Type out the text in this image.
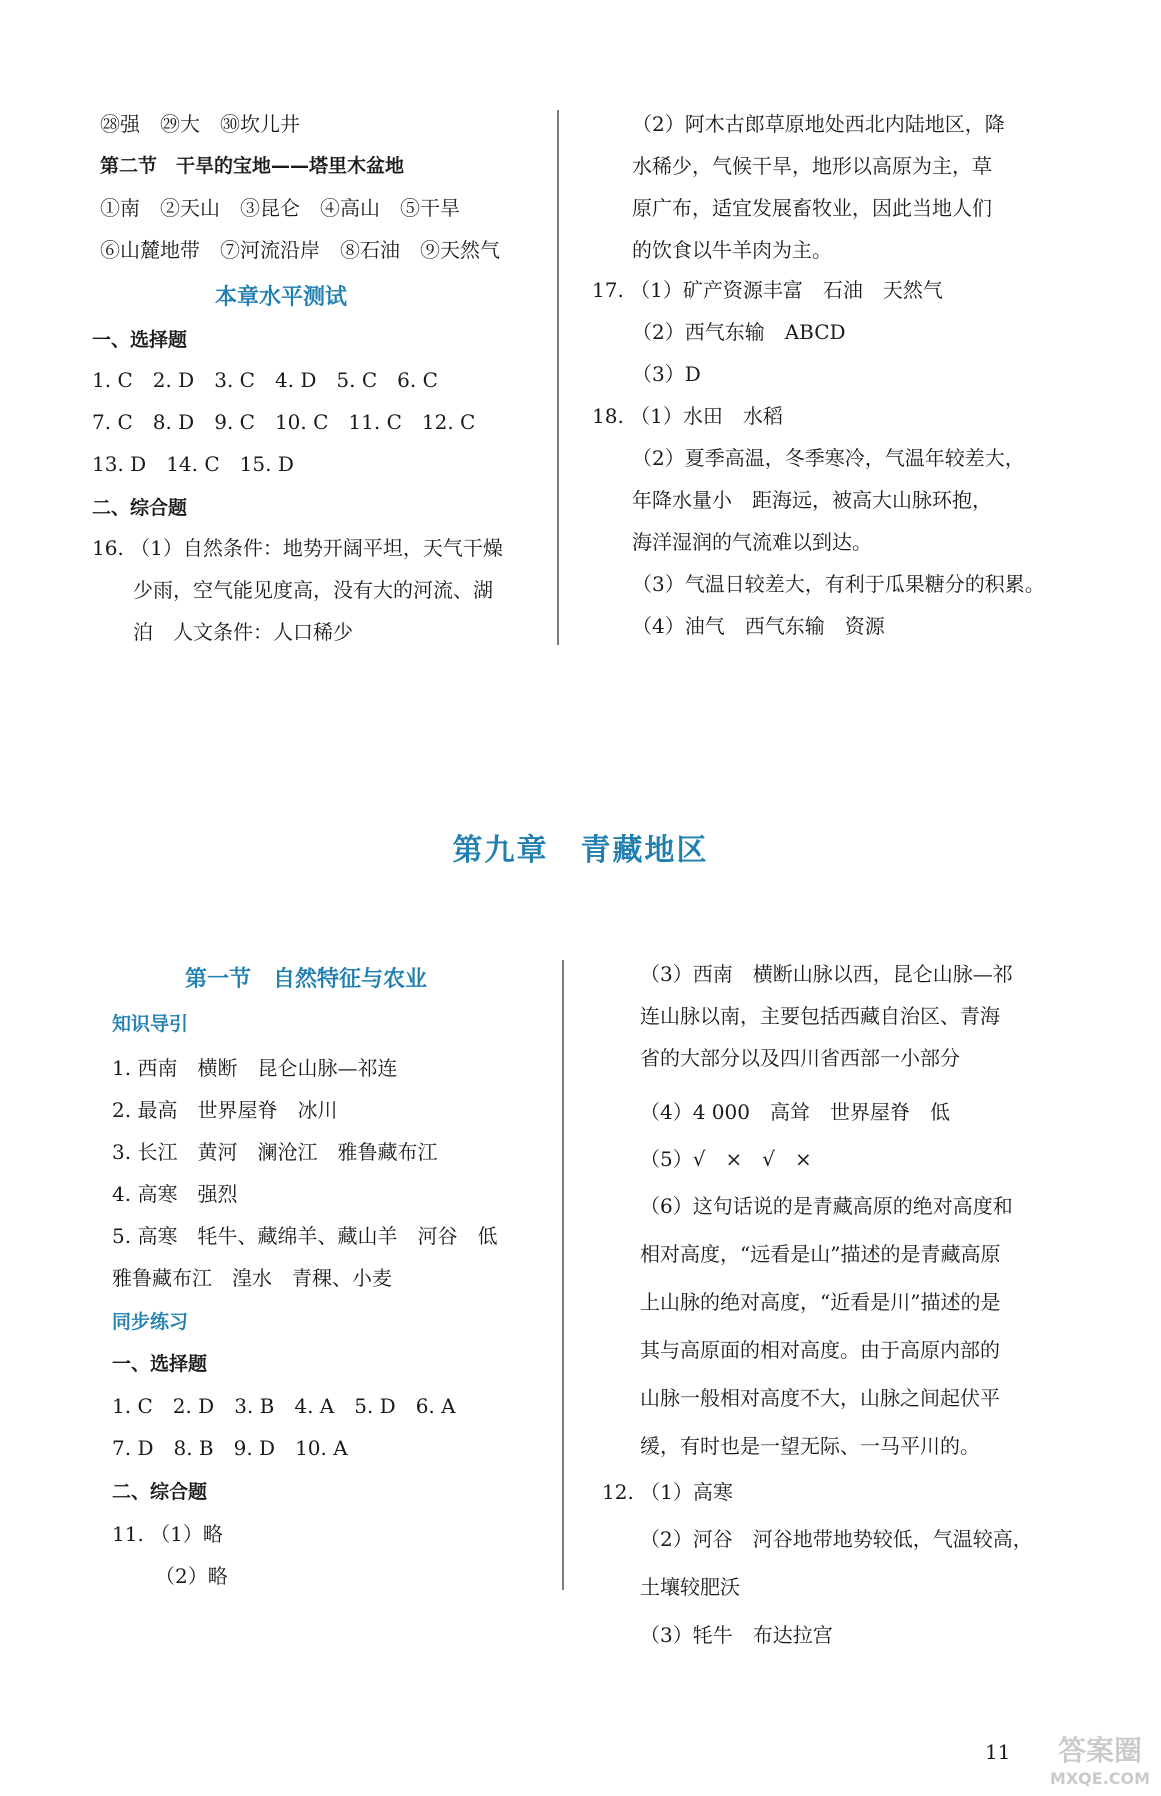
㉘强　㉙大　㉚坎儿井
第二节　干旱的宝地——塔里木盆地
①南　②天山　③昆仑　④高山　⑤干旱
⑥山麓地带　⑦河流沿岸　⑧石油　⑨天然气
本章水平测试
一、选择题
1. C　2. D　3. C　4. D　5. C　6. C
7. C　8. D　9. C　10. C　11. C　12. C
13. D　14. C　15. D
二、综合题
16. （1）自然条件：地势开阔平坦，天气干燥
少雨，空气能见度高，没有大的河流、湖
泊　人文条件：人口稀少
（2）阿木古郎草原地处西北内陆地区，降
水稀少，气候干旱，地形以高原为主，草
原广布，适宜发展畜牧业，因此当地人们
的饮食以牛羊肉为主。
17. （1）矿产资源丰富　石油　天然气
（2）西气东输　ABCD
（3）D
18. （1）水田　水稻
（2）夏季高温，冬季寒冷，气温年较差大，
年降水量小　距海远，被高大山脉环抱，
海洋湿润的气流难以到达。
（3）气温日较差大，有利于瓜果糖分的积累。
（4）油气　西气东输　资源
第九章　青藏地区
第一节　自然特征与农业
知识导引
1. 西南　横断　昆仑山脉—祁连
2. 最高　世界屋脊　冰川
3. 长江　黄河　澜沧江　雅鲁藏布江
4. 高寒　强烈
5. 高寒　牦牛、藏绵羊、藏山羊　河谷　低
雅鲁藏布江　湟水　青稞、小麦
同步练习
一、选择题
1. C　2. D　3. B　4. A　5. D　6. A
7. D　8. B　9. D　10. A
二、综合题
11. （1）略
（2）略
（3）西南　横断山脉以西，昆仑山脉—祁
连山脉以南，主要包括西藏自治区、青海
省的大部分以及四川省西部一小部分
（4）4 000　高耸　世界屋脊　低
（5）√　×　√　×
（6）这句话说的是青藏高原的绝对高度和
相对高度，“远看是山”描述的是青藏高原
上山脉的绝对高度，“近看是川”描述的是
其与高原面的相对高度。由于高原内部的
山脉一般相对高度不大，山脉之间起伏平
缓，有时也是一望无际、一马平川的。
12. （1）高寒
（2）河谷　河谷地带地势较低，气温较高，
土壤较肥沃
（3）牦牛　布达拉宫
11 答案圈
MXQE.COM
